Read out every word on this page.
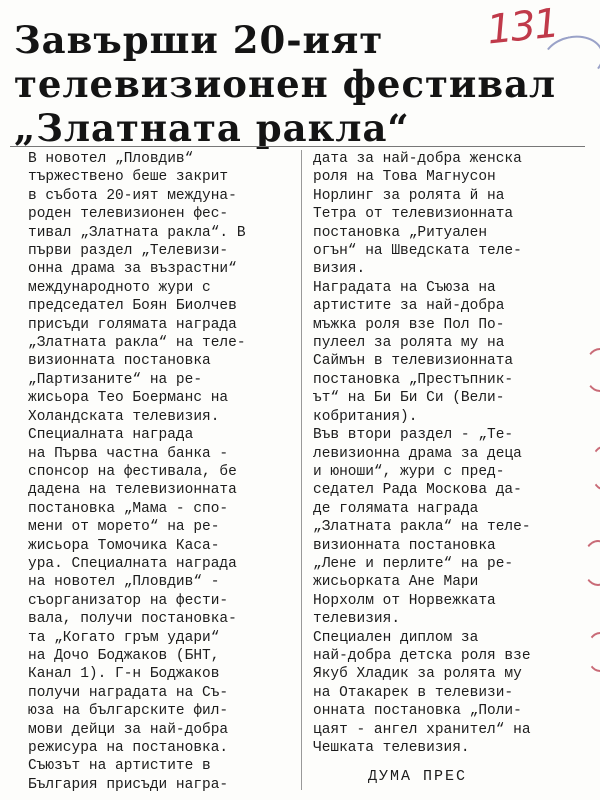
131
Завърши 20-ият
телевизионен фестивал
„Златната ракла“
В новотел „Пловдив“
тържествено беше закрит
в събота 20-ият междуна-
роден телевизионен фес-
тивал „Златната ракла“. В
първи раздел „Телевизи-
онна драма за възрастни“
международното жури с
председател Боян Биолчев
присъди голямата награда
„Златната ракла“ на теле-
визионната постановка
„Партизаните“ на ре-
жисьора Тео Боерманс на
Холандската телевизия.
Специалната награда
на Първа частна банка -
спонсор на фестивала, бе
дадена на телевизионната
постановка „Мама - спо-
мени от морето“ на ре-
жисьора Томочика Каса-
ура. Специалната награда
на новотел „Пловдив“ -
съорганизатор на фести-
вала, получи постановка-
та „Когато гръм удари“
на Дочо Боджаков (БНТ,
Канал 1). Г-н Боджаков
получи наградата на Съ-
юза на българските фил-
мови дейци за най-добра
режисура на постановка.
Съюзът на артистите в
България присъди награ-
дата за най-добра женска
роля на Това Магнусон
Норлинг за ролята й на
Тетра от телевизионната
постановка „Ритуален
огън“ на Шведската теле-
визия.
Наградата на Съюза на
артистите за най-добра
мъжка роля взе Пол По-
пулеел за ролята му на
Саймън в телевизионната
постановка „Престъпник-
ът“ на Би Би Си (Вели-
кобритания).
Във втори раздел - „Те-
левизионна драма за деца
и юноши“, жури с пред-
седател Рада Москова да-
де голямата награда
„Златната ракла“ на теле-
визионната постановка
„Лене и перлите“ на ре-
жисьорката Ане Мари
Норхолм от Норвежката
телевизия.
Специален диплом за
най-добра детска роля взе
Якуб Хладик за ролята му
на Отакарек в телевизи-
онната постановка „Поли-
цаят - ангел хранител“ на
Чешката телевизия.
ДУМА ПРЕС
